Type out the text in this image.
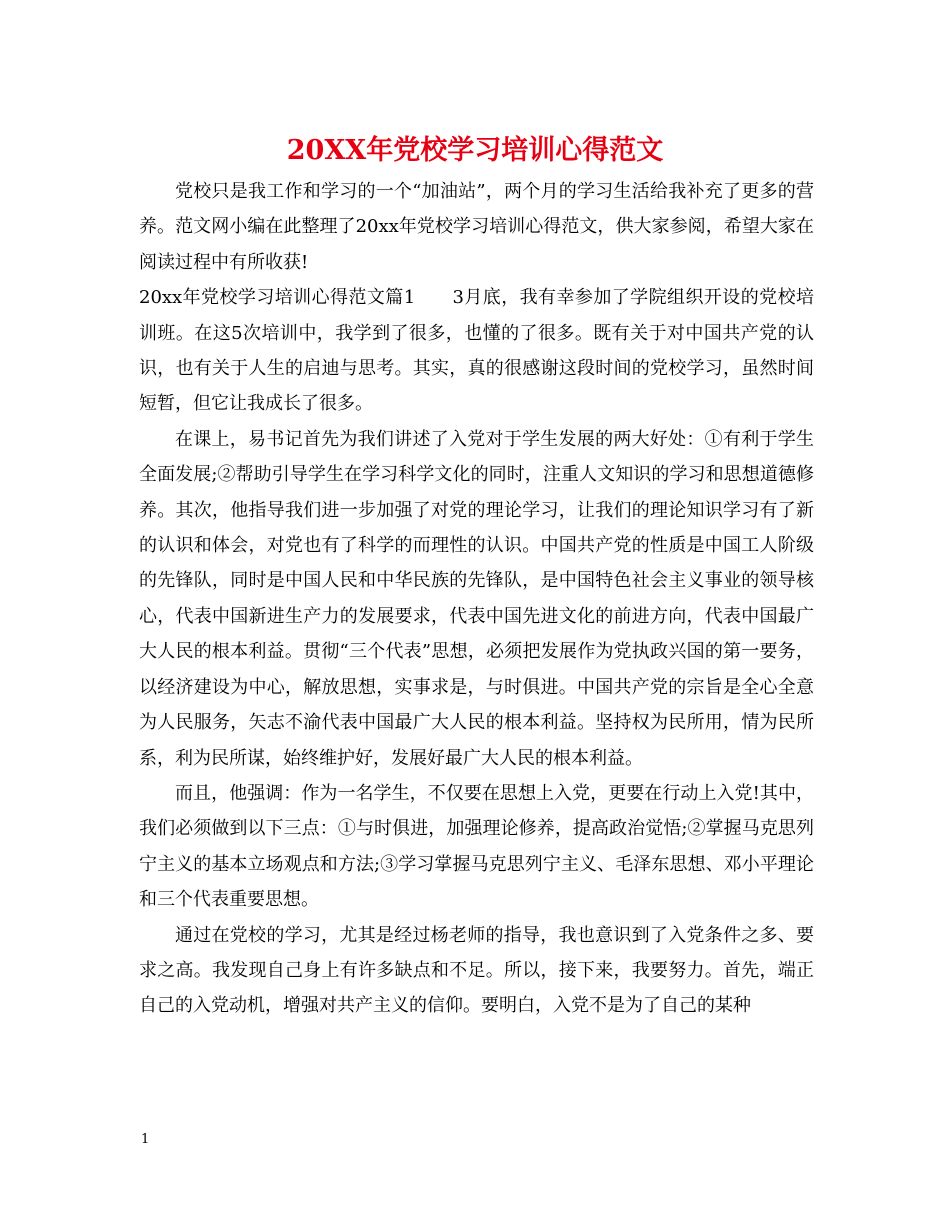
20XX年党校学习培训心得范文

党校只是我工作和学习的一个“加油站”，两个月的学习生活给我补充了更多的营养。范文网小编在此整理了20xx年党校学习培训心得范文，供大家参阅，希望大家在阅读过程中有所收获!

20xx年党校学习培训心得范文篇1　　3月底，我有幸参加了学院组织开设的党校培训班。在这5次培训中，我学到了很多，也懂的了很多。既有关于对中国共产党的认识，也有关于人生的启迪与思考。其实，真的很感谢这段时间的党校学习，虽然时间短暂，但它让我成长了很多。

在课上，易书记首先为我们讲述了入党对于学生发展的两大好处：①有利于学生全面发展;②帮助引导学生在学习科学文化的同时，注重人文知识的学习和思想道德修养。其次，他指导我们进一步加强了对党的理论学习，让我们的理论知识学习有了新的认识和体会，对党也有了科学的而理性的认识。中国共产党的性质是中国工人阶级的先锋队，同时是中国人民和中华民族的先锋队，是中国特色社会主义事业的领导核心，代表中国新进生产力的发展要求，代表中国先进文化的前进方向，代表中国最广大人民的根本利益。贯彻“三个代表”思想，必须把发展作为党执政兴国的第一要务，以经济建设为中心，解放思想，实事求是，与时俱进。中国共产党的宗旨是全心全意为人民服务，矢志不渝代表中国最广大人民的根本利益。坚持权为民所用，情为民所系，利为民所谋，始终维护好，发展好最广大人民的根本利益。

而且，他强调：作为一名学生，不仅要在思想上入党，更要在行动上入党!其中，我们必须做到以下三点：①与时俱进，加强理论修养，提高政治觉悟;②掌握马克思列宁主义的基本立场观点和方法;③学习掌握马克思列宁主义、毛泽东思想、邓小平理论和三个代表重要思想。

通过在党校的学习，尤其是经过杨老师的指导，我也意识到了入党条件之多、要求之高。我发现自己身上有许多缺点和不足。所以，接下来，我要努力。首先，端正自己的入党动机，增强对共产主义的信仰。要明白，入党不是为了自己的某种

1
